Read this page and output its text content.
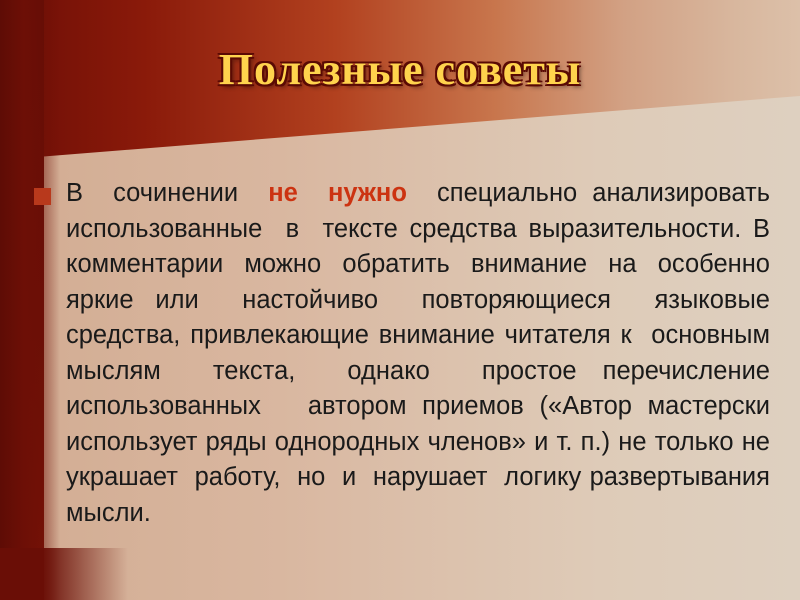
Полезные советы
В  сочинении  не  нужно  специально анализировать  использованные  в  тексте средства выразительности. В  комментарии можно обратить внимание на особенно яркие или  настойчиво  повторяющиеся  языковые средства, привлекающие внимание читателя к  основным  мыслям  текста,  однако  простое перечисление   использованных   автором приемов («Автор мастерски использует ряды однородных членов» и т. п.) не только не украшает  работу,  но  и  нарушает  логику развертывания мысли.
